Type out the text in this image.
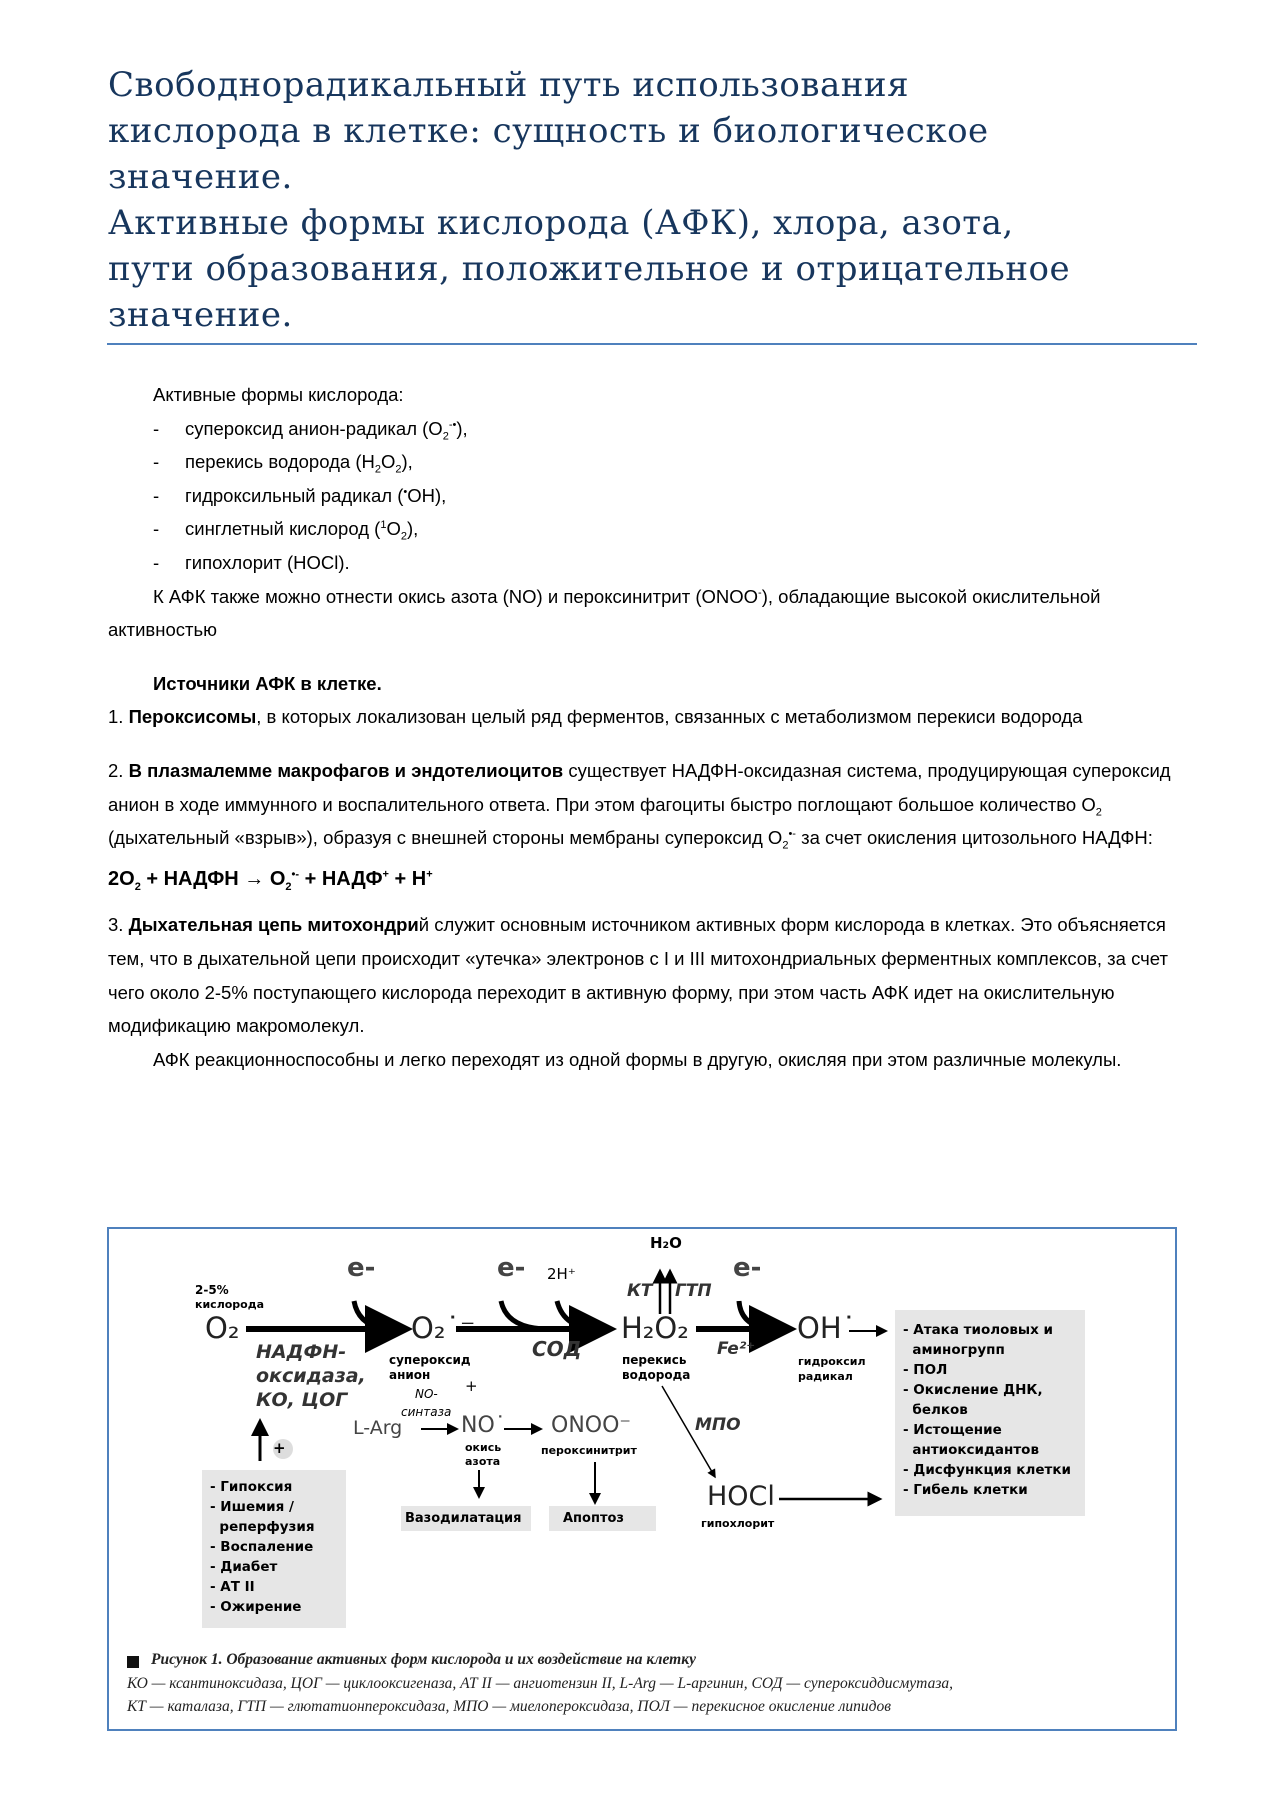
Свободнорадикальный путь использования
кислорода в клетке: сущность и биологическое
значение.
Активные формы кислорода (АФК), хлора, азота,
пути образования, положительное и отрицательное
значение.

Активные формы кислорода:

- супероксид анион-радикал $(O_2^{-•})$,
- перекись водорода $(H_2O_2)$,
- гидроксильный радикал (•OH),
- синглетный кислород $(^1O_2)$,
- гипохлорит (HOCl).

К АФК также можно отнести окись азота (NO) и пероксинитрит (ONOO-), обладающие высокой окислительной активностью

Источники АФК в клетке.

1. Пероксисомы, в которых локализован целый ряд ферментов, связанных с метаболизмом перекиси водорода

2. В плазмалемме макрофагов и эндотелиоцитов существует НАДФН-оксидазная система, продуцирующая супероксид анион в ходе иммунного и воспалительного ответа. При этом фагоциты быстро поглощают большое количество $O_2$ (дыхательный «взрыв»), образуя с внешней стороны мембраны супероксид $O_2^{•-}$ за счет окисления цитозольного НАДФН:

$2O_2$ + НАДФН → $O_2^{•-}$ + НАДФ+ + H+

3. Дыхательная цепь митохондрий служит основным источником активных форм кислорода в клетках. Это объясняется тем, что в дыхательной цепи происходит «утечка» электронов с I и III митохондриальных ферментных комплексов, за счет чего около 2-5% поступающего кислорода переходит в активную форму, при этом часть АФК идет на окислительную модификацию макромолекул.

АФК реакционноспособны и легко переходят из одной формы в другую, окисляя при этом различные молекулы.

+
H₂O
2-5%
кислорода
O₂
e-	e-	e-
2H⁺
НАДФН-
оксидаза,
КО, ЦОГ
O₂˙⁻
супероксид
анион
СОД
H₂O₂
перекись
водорода
КТ ГТП
Fe²⁺
OH˙
гидроксил
радикал
+
NO-
синтаза
L-Arg	NO˙
окись
азота
ONOO⁻
пероксинитрит
Вазодилатация	Апоптоз
МПО
HOCl
гипохлорит
- Атака тиоловых и
аминогрупп
- ПОЛ
- Окисление ДНК,
белков
- Истощение
антиоксидантов
- Дисфункция клетки
- Гибель клетки
- Гипоксия
- Ишемия /
реперфузия
- Воспаление
- Диабет
- АТ II
- Ожирение
Рисунок 1. Образование активных форм кислорода и их воздействие на клетку
КО — ксантиноксидаза, ЦОГ — циклооксигеназа, АТ II — ангиотензин II, L-Arg — L-аргинин, СОД — супероксиддисмутаза,
КТ — каталаза, ГТП — глютатионпероксидаза, МПО — миелопероксидаза, ПОЛ — перекисное окисление липидов
